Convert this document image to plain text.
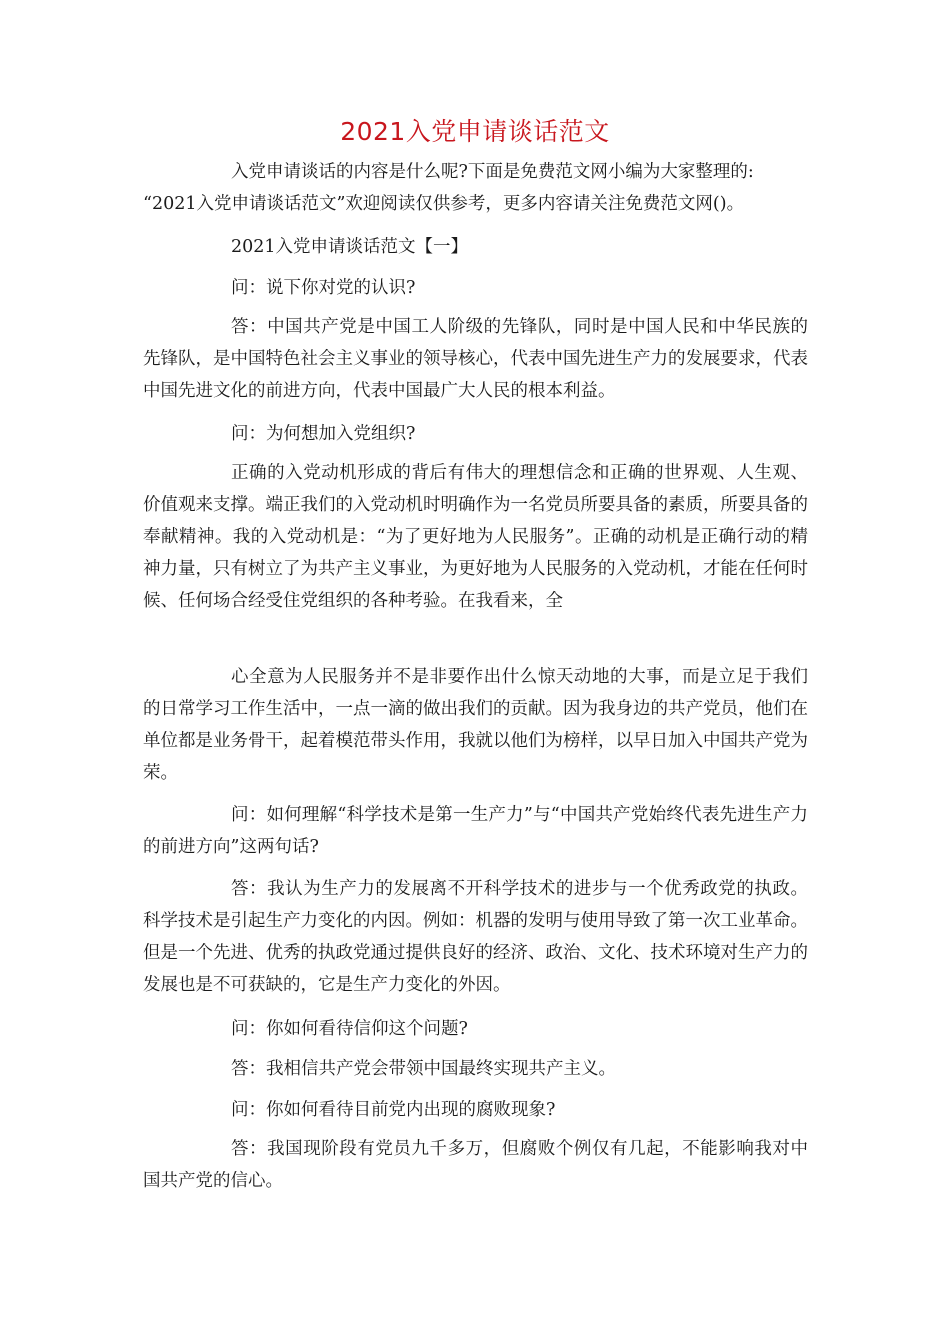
2021入党申请谈话范文
入党申请谈话的内容是什么呢?下面是免费范文网小编为大家整理的:
“2021入党申请谈话范文”欢迎阅读仅供参考，更多内容请关注免费范文网()。
2021入党申请谈话范文【一】
问：说下你对党的认识?
答：中国共产党是中国工人阶级的先锋队，同时是中国人民和中华民族的先锋队，是中国特色社会主义事业的领导核心，代表中国先进生产力的发展要求，代表中国先进文化的前进方向，代表中国最广大人民的根本利益。
问：为何想加入党组织?
正确的入党动机形成的背后有伟大的理想信念和正确的世界观、人生观、价值观来支撑。端正我们的入党动机时明确作为一名党员所要具备的素质，所要具备的奉献精神。我的入党动机是：“为了更好地为人民服务”。正确的动机是正确行动的精神力量，只有树立了为共产主义事业，为更好地为人民服务的入党动机，才能在任何时候、任何场合经受住党组织的各种考验。在我看来，全
心全意为人民服务并不是非要作出什么惊天动地的大事，而是立足于我们的日常学习工作生活中，一点一滴的做出我们的贡献。因为我身边的共产党员，他们在单位都是业务骨干，起着模范带头作用，我就以他们为榜样，以早日加入中国共产党为荣。
问：如何理解“科学技术是第一生产力”与“中国共产党始终代表先进生产力的前进方向”这两句话?
答：我认为生产力的发展离不开科学技术的进步与一个优秀政党的执政。科学技术是引起生产力变化的内因。例如：机器的发明与使用导致了第一次工业革命。但是一个先进、优秀的执政党通过提供良好的经济、政治、文化、技术环境对生产力的发展也是不可获缺的，它是生产力变化的外因。
问：你如何看待信仰这个问题?
答：我相信共产党会带领中国最终实现共产主义。
问：你如何看待目前党内出现的腐败现象?
答：我国现阶段有党员九千多万，但腐败个例仅有几起，不能影响我对中国共产党的信心。
